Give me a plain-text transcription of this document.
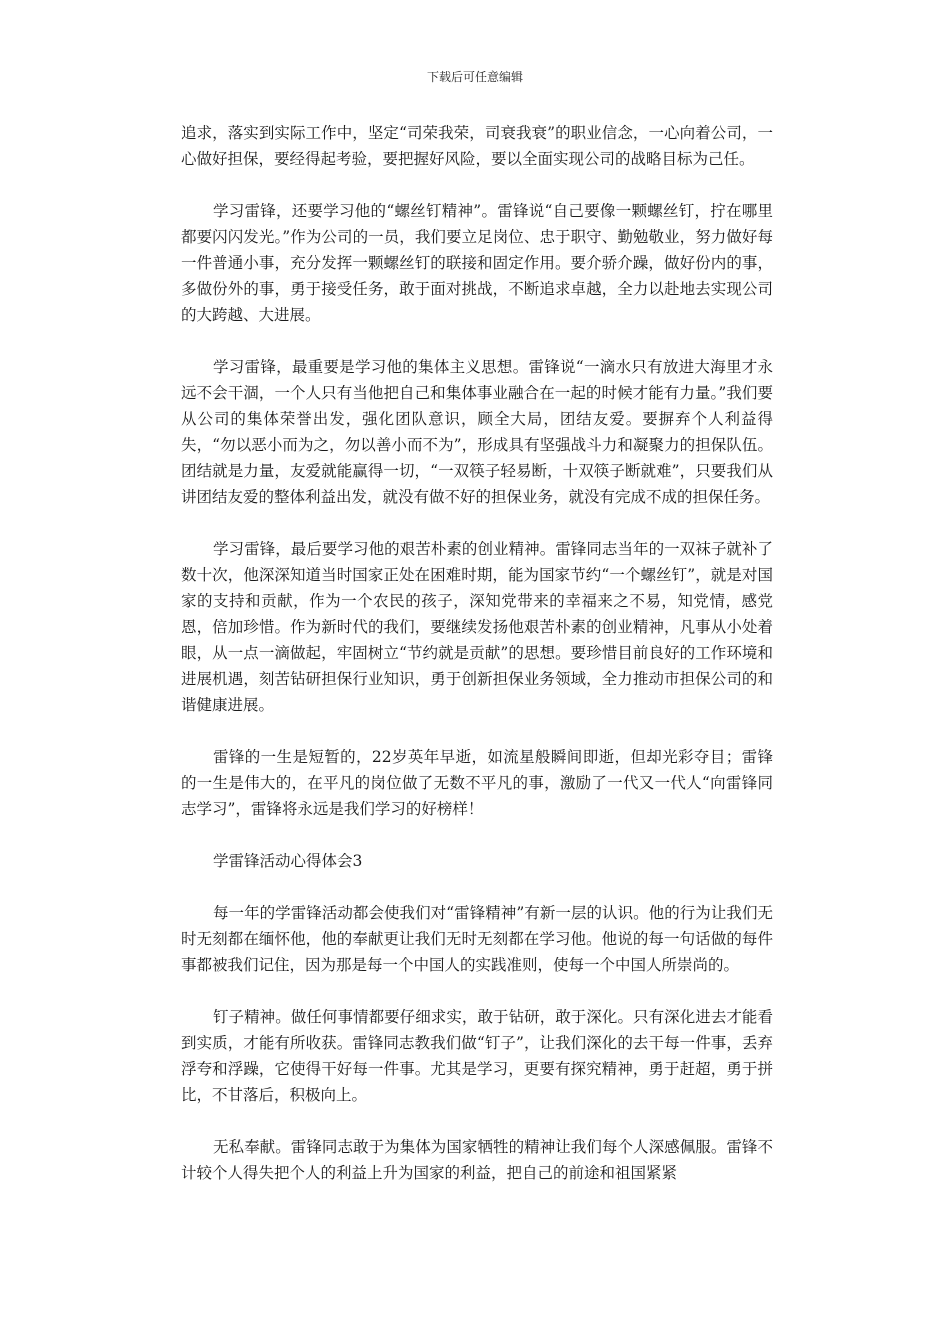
下载后可任意编辑

追求，落实到实际工作中，坚定“司荣我荣，司衰我衰”的职业信念，一心向着公司，一心做好担保，要经得起考验，要把握好风险，要以全面实现公司的战略目标为己任。

学习雷锋，还要学习他的“螺丝钉精神”。雷锋说“自己要像一颗螺丝钉，拧在哪里都要闪闪发光。”作为公司的一员，我们要立足岗位、忠于职守、勤勉敬业，努力做好每一件普通小事，充分发挥一颗螺丝钉的联接和固定作用。要介骄介躁，做好份内的事，多做份外的事，勇于接受任务，敢于面对挑战，不断追求卓越，全力以赴地去实现公司的大跨越、大进展。

学习雷锋，最重要是学习他的集体主义思想。雷锋说“一滴水只有放进大海里才永远不会干涸，一个人只有当他把自己和集体事业融合在一起的时候才能有力量。”我们要从公司的集体荣誉出发，强化团队意识，顾全大局，团结友爱。要摒弃个人利益得失，“勿以恶小而为之，勿以善小而不为”，形成具有坚强战斗力和凝聚力的担保队伍。团结就是力量，友爱就能赢得一切，“一双筷子轻易断，十双筷子断就难”，只要我们从讲团结友爱的整体利益出发，就没有做不好的担保业务，就没有完成不成的担保任务。

学习雷锋，最后要学习他的艰苦朴素的创业精神。雷锋同志当年的一双袜子就补了数十次，他深深知道当时国家正处在困难时期，能为国家节约“一个螺丝钉”，就是对国家的支持和贡献，作为一个农民的孩子，深知党带来的幸福来之不易，知党情，感党恩，倍加珍惜。作为新时代的我们，要继续发扬他艰苦朴素的创业精神，凡事从小处着眼，从一点一滴做起，牢固树立“节约就是贡献”的思想。要珍惜目前良好的工作环境和进展机遇，刻苦钻研担保行业知识，勇于创新担保业务领域，全力推动市担保公司的和谐健康进展。

雷锋的一生是短暂的，22岁英年早逝，如流星般瞬间即逝，但却光彩夺目；雷锋的一生是伟大的，在平凡的岗位做了无数不平凡的事，激励了一代又一代人“向雷锋同志学习”，雷锋将永远是我们学习的好榜样！

学雷锋活动心得体会3

每一年的学雷锋活动都会使我们对“雷锋精神”有新一层的认识。他的行为让我们无时无刻都在缅怀他，他的奉献更让我们无时无刻都在学习他。他说的每一句话做的每件事都被我们记住，因为那是每一个中国人的实践准则，使每一个中国人所崇尚的。

钉子精神。做任何事情都要仔细求实，敢于钻研，敢于深化。只有深化进去才能看到实质，才能有所收获。雷锋同志教我们做“钉子”，让我们深化的去干每一件事，丢弃浮夸和浮躁，它使得干好每一件事。尤其是学习，更要有探究精神，勇于赶超，勇于拼比，不甘落后，积极向上。

无私奉献。雷锋同志敢于为集体为国家牺牲的精神让我们每个人深感佩服。雷锋不计较个人得失把个人的利益上升为国家的利益，把自己的前途和祖国紧紧
